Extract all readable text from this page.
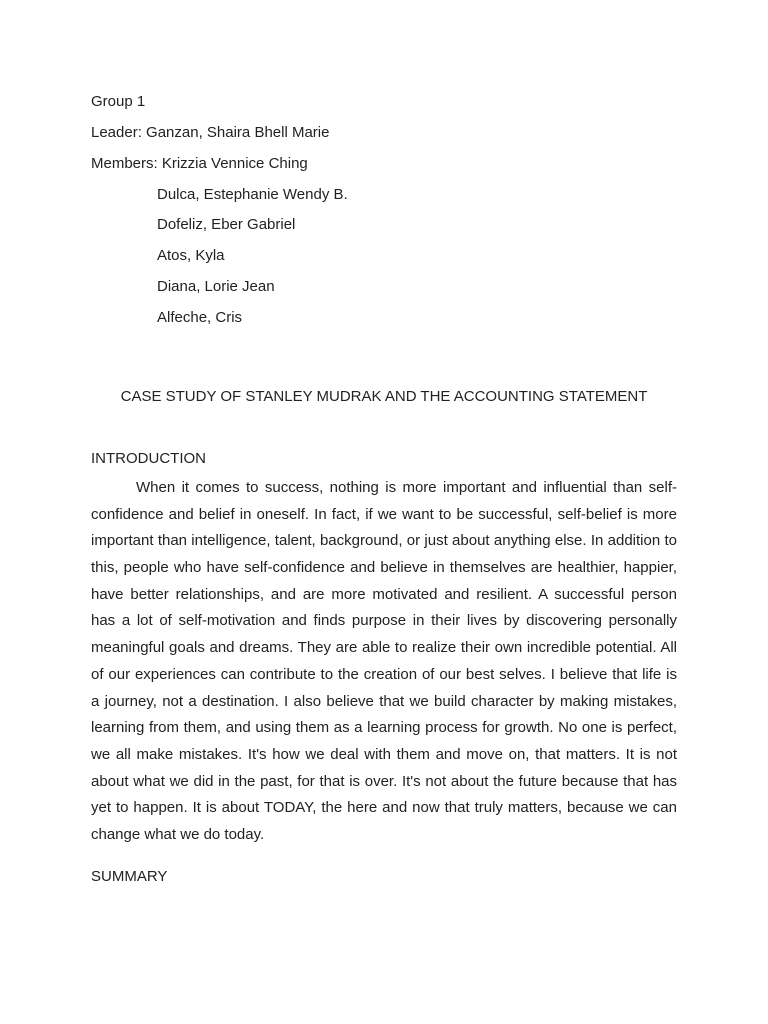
Group 1
Leader: Ganzan, Shaira Bhell Marie
Members: Krizzia Vennice Ching
Dulca, Estephanie Wendy B.
Dofeliz, Eber Gabriel
Atos, Kyla
Diana, Lorie Jean
Alfeche, Cris
CASE STUDY OF STANLEY MUDRAK AND THE ACCOUNTING STATEMENT
INTRODUCTION
When it comes to success, nothing is more important and influential than self-
confidence and belief in oneself. In fact, if we want to be successful, self-belief is more
important than intelligence, talent, background, or just about anything else. In addition to
this, people who have self-confidence and believe in themselves are healthier, happier,
have better relationships, and are more motivated and resilient. A successful person
has a lot of self-motivation and finds purpose in their lives by discovering personally
meaningful goals and dreams. They are able to realize their own incredible potential. All
of our experiences can contribute to the creation of our best selves. I believe that life is
a journey, not a destination. I also believe that we build character by making mistakes,
learning from them, and using them as a learning process for growth. No one is perfect,
we all make mistakes. It's how we deal with them and move on, that matters. It is not
about what we did in the past, for that is over. It's not about the future because that has
yet to happen. It is about TODAY, the here and now that truly matters, because we can
change what we do today.
SUMMARY
